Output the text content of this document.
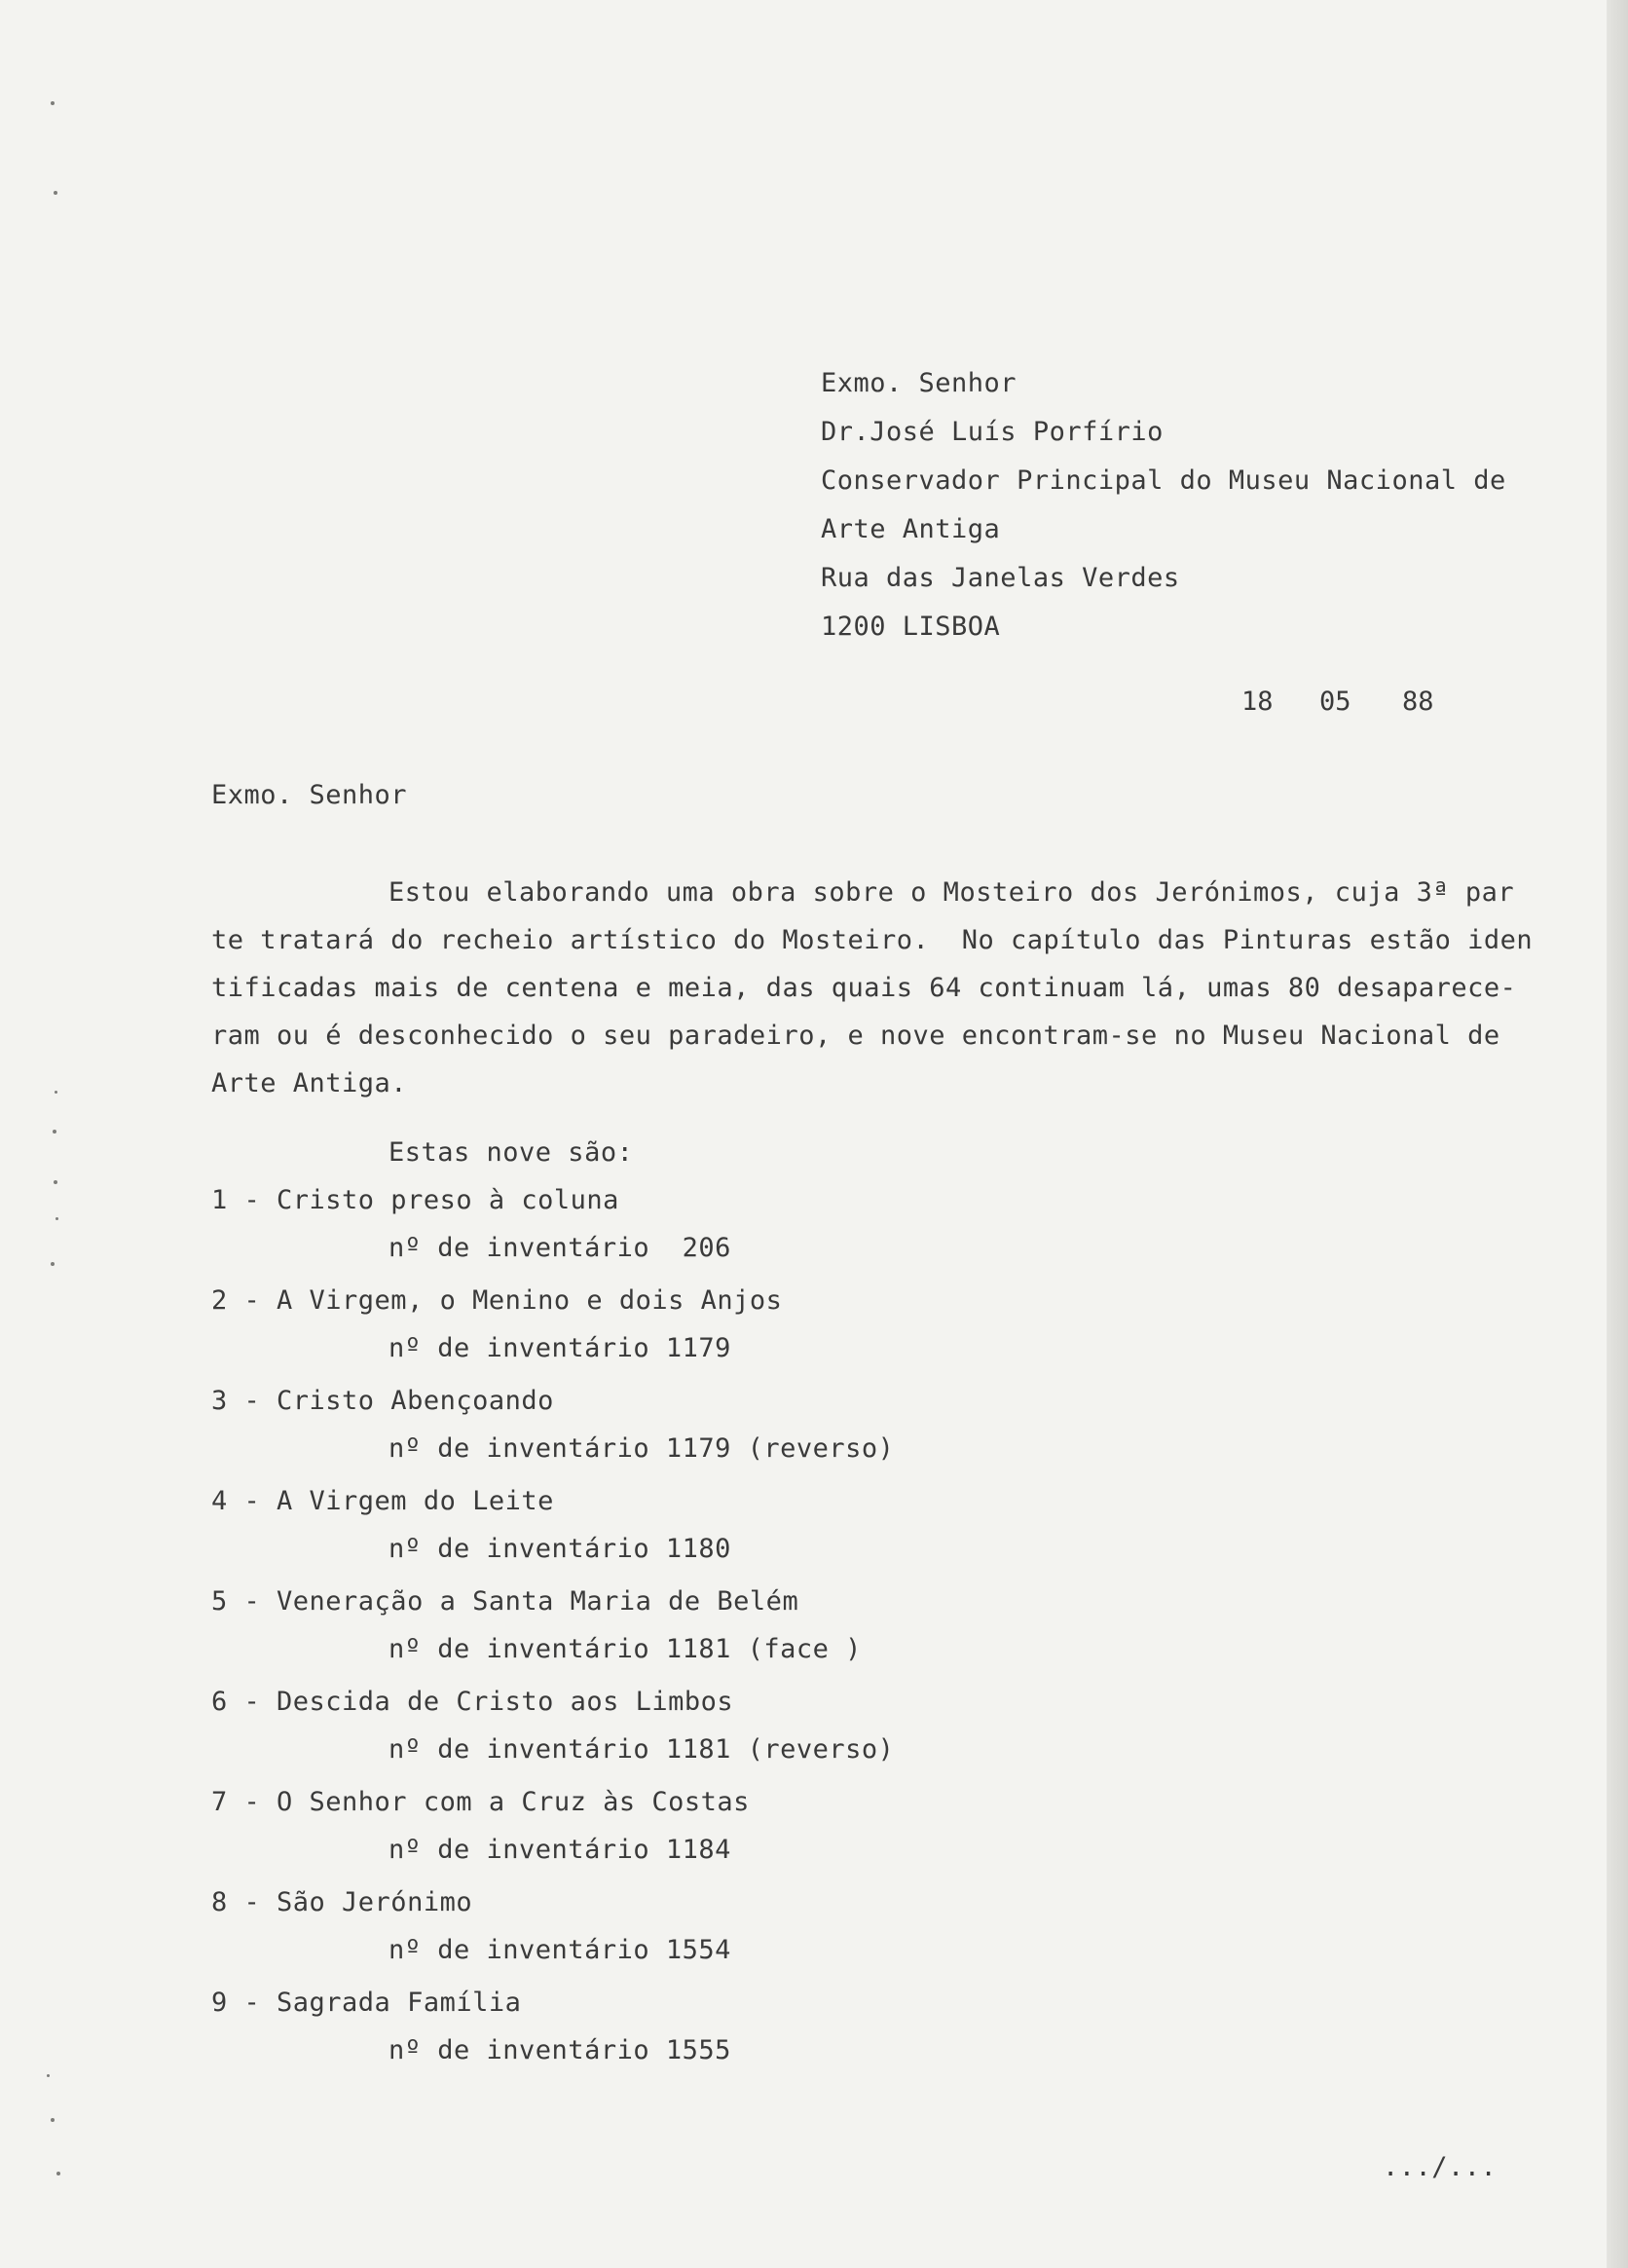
Exmo. Senhor
Dr.José Luís Porfírio
Conservador Principal do Museu Nacional de
Arte Antiga
Rua das Janelas Verdes
1200 LISBOA
18 05 88
Exmo. Senhor
Estou elaborando uma obra sobre o Mosteiro dos Jerónimos, cuja 3ª par
te tratará do recheio artístico do Mosteiro.  No capítulo das Pinturas estão iden
tificadas mais de centena e meia, das quais 64 continuam lá, umas 80 desaparece-
ram ou é desconhecido o seu paradeiro, e nove encontram-se no Museu Nacional de
Arte Antiga.
Estas nove são:
1 - Cristo preso à coluna
nº de inventário  206
2 - A Virgem, o Menino e dois Anjos
nº de inventário 1179
3 - Cristo Abençoando
nº de inventário 1179 (reverso)
4 - A Virgem do Leite
nº de inventário 1180
5 - Veneração a Santa Maria de Belém
nº de inventário 1181 (face )
6 - Descida de Cristo aos Limbos
nº de inventário 1181 (reverso)
7 - O Senhor com a Cruz às Costas
nº de inventário 1184
8 - São Jerónimo
nº de inventário 1554
9 - Sagrada Família
nº de inventário 1555
.../...
